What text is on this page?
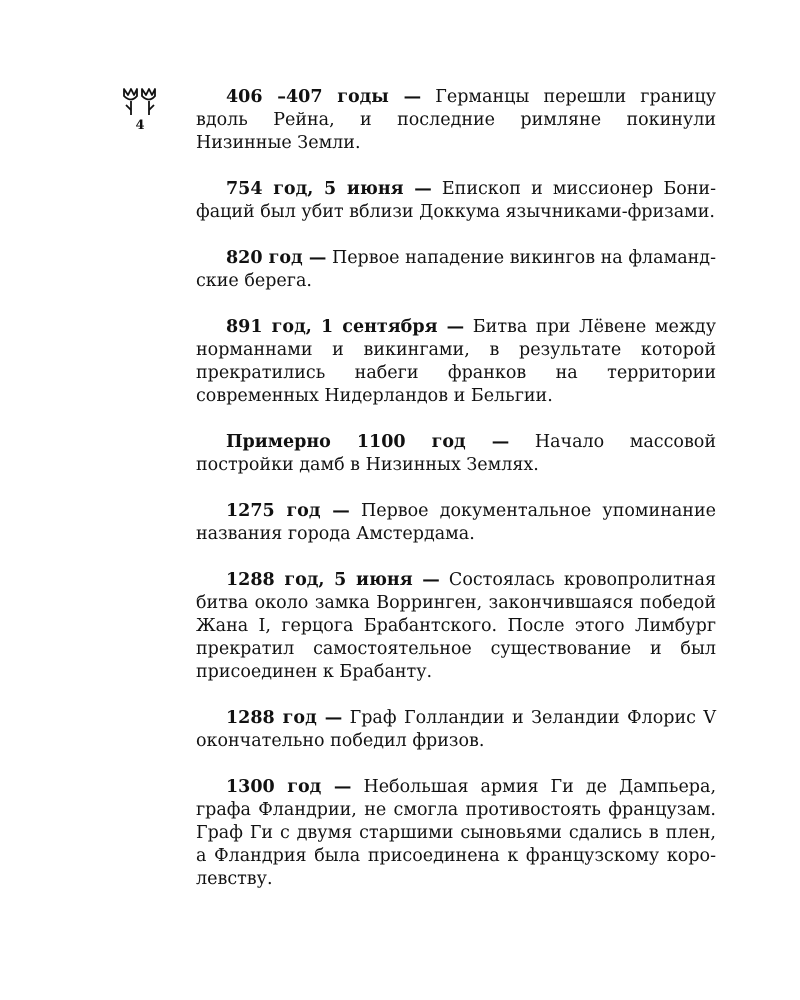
4

406 –407 годы — Германцы перешли границу вдоль Рейна, и последние римляне покинули Низинные Земли.

754 год, 5 июня — Епископ и миссионер Бонифаций был убит вблизи Доккума язычниками-фризами.

820 год — Первое нападение викингов на фламандские берега.

891 год, 1 сентября — Битва при Лёвене между норманнами и викингами, в результате которой прекратились набеги франков на территории современных Нидерландов и Бельгии.

Примерно 1100 год — Начало массовой постройки дамб в Низинных Землях.

1275 год — Первое документальное упоминание названия города Амстердама.

1288 год, 5 июня — Состоялась кровопролитная битва около замка Ворринген, закончившаяся победой Жана I, герцога Брабантского. После этого Лимбург прекратил самостоятельное существование и был присоединен к Брабанту.

1288 год — Граф Голландии и Зеландии Флорис V окончательно победил фризов.

1300 год — Небольшая армия Ги де Дампьера, графа Фландрии, не смогла противостоять французам. Граф Ги с двумя старшими сыновьями сдались в плен, а Фландрия была присоединена к французскому королевству.
